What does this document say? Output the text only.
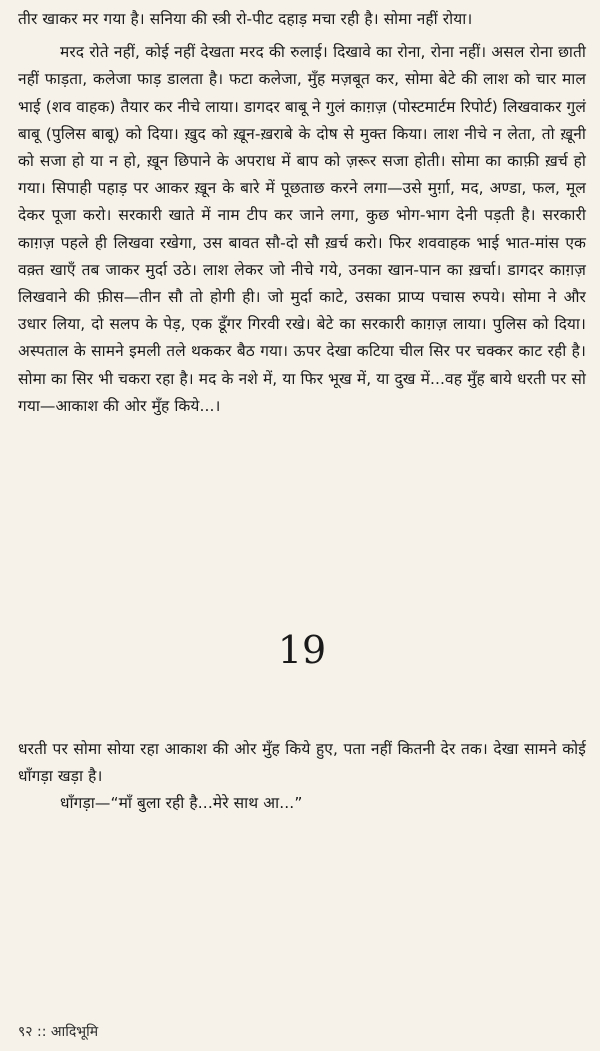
तीर खाकर मर गया है। सनिया की स्त्री रो-पीट दहाड़ मचा रही है। सोमा नहीं रोया।

मरद रोते नहीं, कोई नहीं देखता मरद की रुलाई। दिखावे का रोना, रोना नहीं। असल रोना छाती नहीं फाड़ता, कलेजा फाड़ डालता है। फटा कलेजा, मुँह मज़बूत कर, सोमा बेटे की लाश को चार माल भाई (शव वाहक) तैयार कर नीचे लाया। डागदर बाबू ने गुलं काग़ज़ (पोस्टमार्टम रिपोर्ट) लिखवाकर गुलं बाबू (पुलिस बाबू) को दिया। ख़ुद को ख़ून-ख़राबे के दोष से मुक्त किया। लाश नीचे न लेता, तो ख़ूनी को सजा हो या न हो, ख़ून छिपाने के अपराध में बाप को ज़रूर सजा होती। सोमा का काफ़ी ख़र्च हो गया। सिपाही पहाड़ पर आकर ख़ून के बारे में पूछताछ करने लगा—उसे मुर्ग़ा, मद, अण्डा, फल, मूल देकर पूजा करो। सरकारी खाते में नाम टीप कर जाने लगा, कुछ भोग-भाग देनी पड़ती है। सरकारी काग़ज़ पहले ही लिखवा रखेगा, उस बावत सौ-दो सौ ख़र्च करो। फिर शववाहक भाई भात-मांस एक वक़्त खाएँ तब जाकर मुर्दा उठे। लाश लेकर जो नीचे गये, उनका खान-पान का ख़र्चा। डागदर काग़ज़ लिखवाने की फ़ीस—तीन सौ तो होगी ही। जो मुर्दा काटे, उसका प्राप्य पचास रुपये। सोमा ने और उधार लिया, दो सलप के पेड़, एक डूँगर गिरवी रखे। बेटे का सरकारी काग़ज़ लाया। पुलिस को दिया। अस्पताल के सामने इमली तले थककर बैठ गया। ऊपर देखा कटिया चील सिर पर चक्कर काट रही है। सोमा का सिर भी चकरा रहा है। मद के नशे में, या फिर भूख में, या दुख में...वह मुँह बाये धरती पर सो गया—आकाश की ओर मुँह किये...।

19

धरती पर सोमा सोया रहा आकाश की ओर मुँह किये हुए, पता नहीं कितनी देर तक। देखा सामने कोई धाँगड़ा खड़ा है।

धाँगड़ा—“माँ बुला रही है...मेरे साथ आ...”

९२ :: आदिभूमि
